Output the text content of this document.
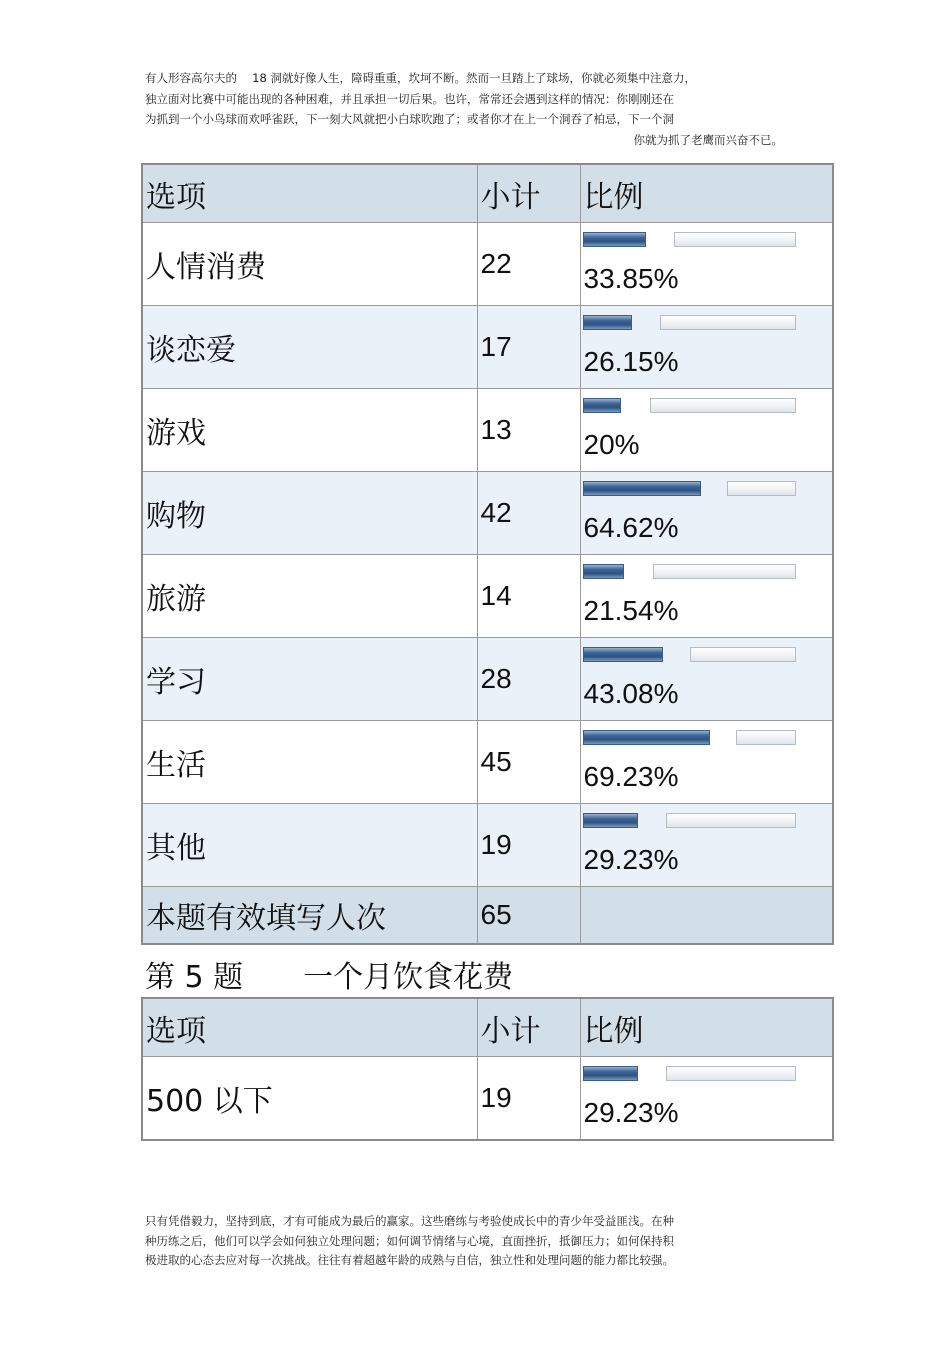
有人形容高尔夫的　 18 洞就好像人生，障碍重重，坎坷不断。然而一旦踏上了球场，你就必须集中注意力，
独立面对比赛中可能出现的各种困难，并且承担一切后果。也许，常常还会遇到这样的情况：你刚刚还在
为抓到一个小鸟球而欢呼雀跃，下一刻大风就把小白球吹跑了；或者你才在上一个洞吞了柏忌，下一个洞
你就为抓了老鹰而兴奋不已。
选项	小计	比例
人情消费	22	33.85%

谈恋爱	17	26.15%

游戏	13	20%

购物	42	64.62%

旅游	14	21.54%

学习	28	43.08%

生活	45	69.23%

其他	19	29.23%

本题有效填写人次	65	
第 5 题　　一个月饮食花费
选项	小计	比例
500 以下	19	29.23%
只有凭借毅力，坚持到底，才有可能成为最后的赢家。这些磨练与考验使成长中的青少年受益匪浅。在种
种历练之后，他们可以学会如何独立处理问题；如何调节情绪与心境，直面挫折，抵御压力；如何保持积
极进取的心态去应对每一次挑战。往往有着超越年龄的成熟与自信，独立性和处理问题的能力都比较强。
